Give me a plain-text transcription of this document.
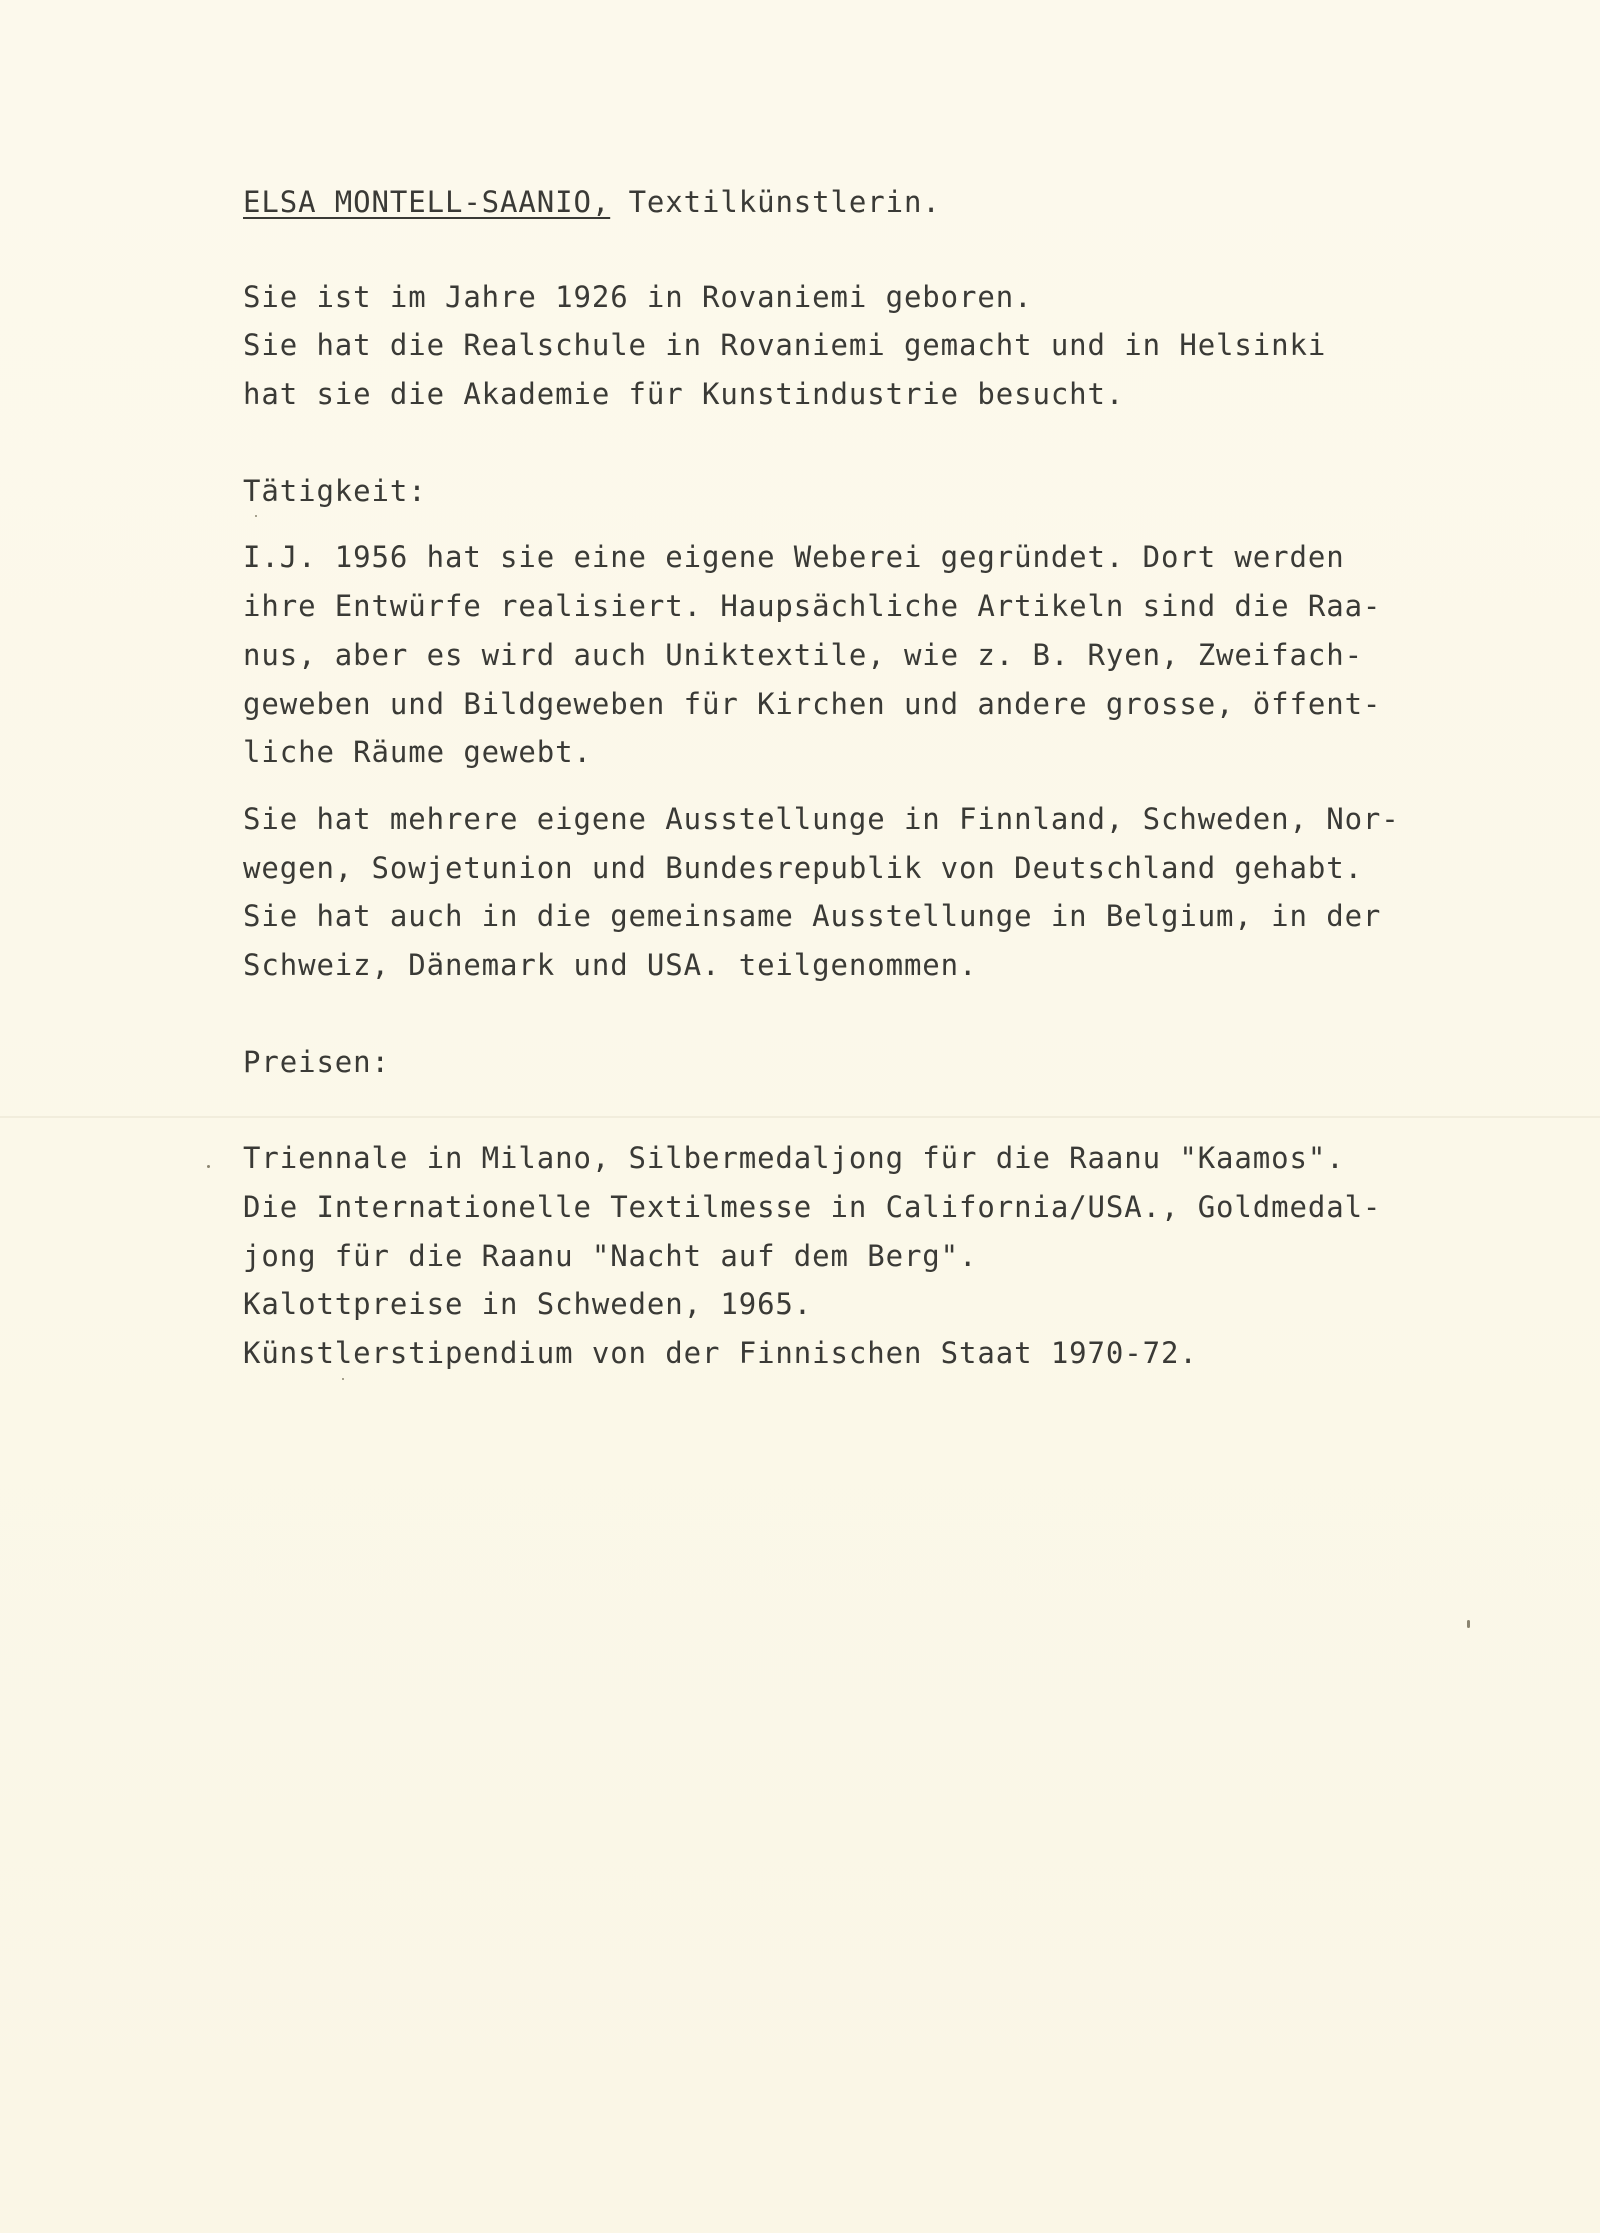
ELSA MONTELL-SAANIO, Textilkünstlerin.
Sie ist im Jahre 1926 in Rovaniemi geboren.
Sie hat die Realschule in Rovaniemi gemacht und in Helsinki
hat sie die Akademie für Kunstindustrie besucht.
Tätigkeit:
I.J. 1956 hat sie eine eigene Weberei gegründet. Dort werden
ihre Entwürfe realisiert. Haupsächliche Artikeln sind die Raa-
nus, aber es wird auch Uniktextile, wie z. B. Ryen, Zweifach-
geweben und Bildgeweben für Kirchen und andere grosse, öffent-
liche Räume gewebt.
Sie hat mehrere eigene Ausstellunge in Finnland, Schweden, Nor-
wegen, Sowjetunion und Bundesrepublik von Deutschland gehabt.
Sie hat auch in die gemeinsame Ausstellunge in Belgium, in der
Schweiz, Dänemark und USA. teilgenommen.
Preisen:
Triennale in Milano, Silbermedaljong für die Raanu "Kaamos".
Die Internationelle Textilmesse in California/USA., Goldmedal-
jong für die Raanu "Nacht auf dem Berg".
Kalottpreise in Schweden, 1965.
Künstlerstipendium von der Finnischen Staat 1970-72.
